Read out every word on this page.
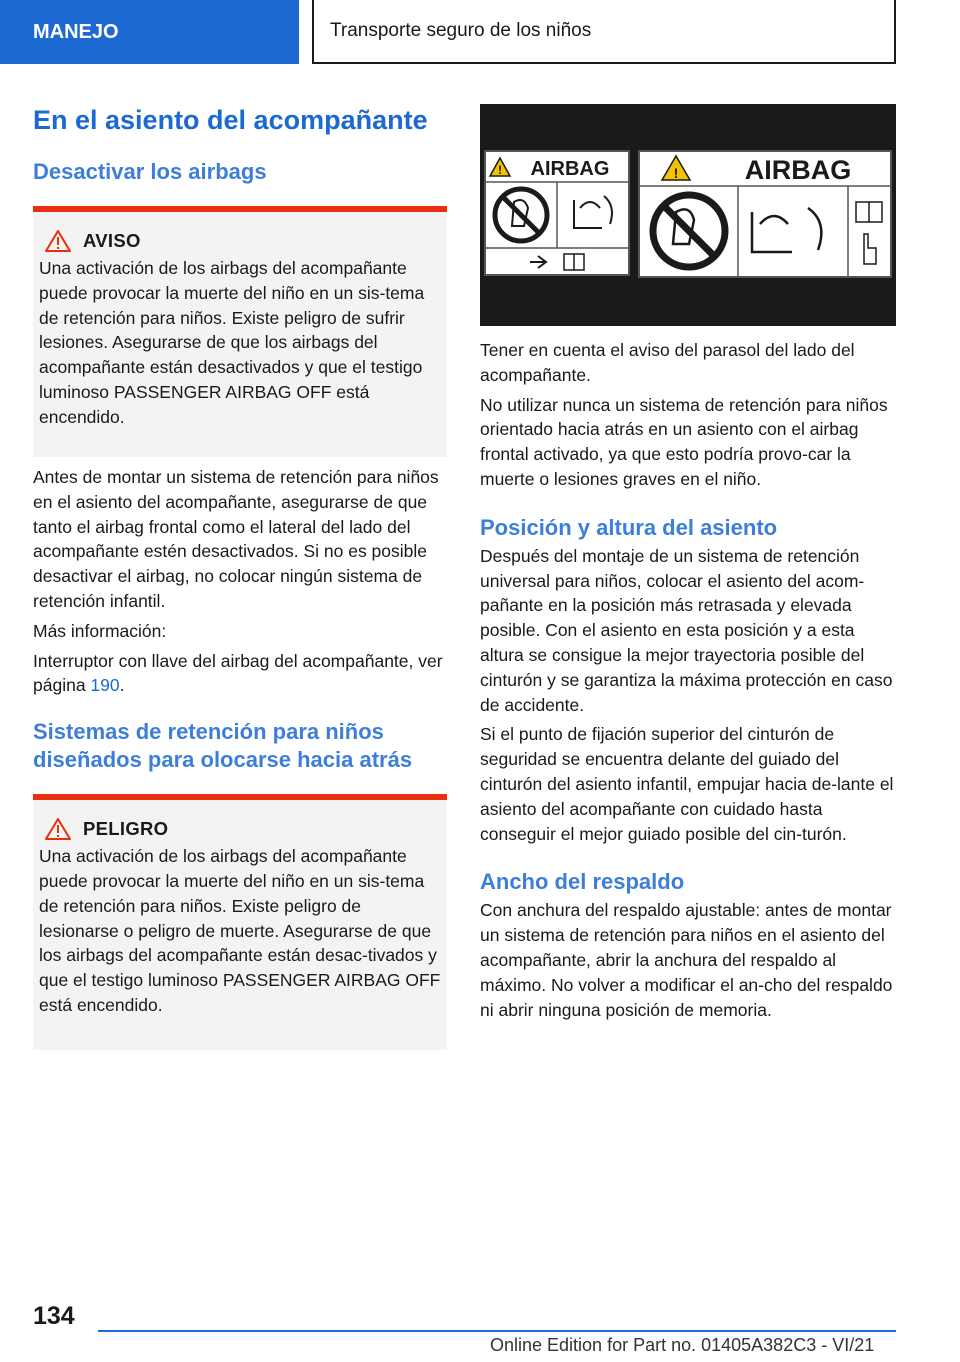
MANEJO	Transporte seguro de los niños
En el asiento del acompañante
Desactivar los airbags
AVISO
Una activación de los airbags del acompañante puede provocar la muerte del niño en un sis-tema de retención para niños. Existe peligro de sufrir lesiones. Asegurarse de que los airbags del acompañante están desactivados y que el testigo luminoso PASSENGER AIRBAG OFF está encendido.

Antes de montar un sistema de retención para niños en el asiento del acompañante, asegurarse de que tanto el airbag frontal como el lateral del lado del acompañante estén desactivados. Si no es posible desactivar el airbag, no colocar ningún sistema de retención infantil.

Más información:

Interruptor con llave del airbag del acompañante, ver página 190.

Sistemas de retención para niños
diseñados para olocarse hacia atrás
PELIGRO
Una activación de los airbags del acompañante puede provocar la muerte del niño en un sis-tema de retención para niños. Existe peligro de lesionarse o peligro de muerte. Asegurarse de que los airbags del acompañante están desac-tivados y que el testigo luminoso PASSENGER AIRBAG OFF está encendido.
! AIRBAG	! AIRBAG

Tener en cuenta el aviso del parasol del lado del acompañante.

No utilizar nunca un sistema de retención para niños orientado hacia atrás en un asiento con el airbag frontal activado, ya que esto podría provo-car la muerte o lesiones graves en el niño.

Posición y altura del asiento

Después del montaje de un sistema de retención universal para niños, colocar el asiento del acom-pañante en la posición más retrasada y elevada posible. Con el asiento en esta posición y a esta altura se consigue la mejor trayectoria posible del cinturón y se garantiza la máxima protección en caso de accidente.

Si el punto de fijación superior del cinturón de seguridad se encuentra delante del guiado del cinturón del asiento infantil, empujar hacia de-lante el asiento del acompañante con cuidado hasta conseguir el mejor guiado posible del cin-turón.

Ancho del respaldo

Con anchura del respaldo ajustable: antes de montar un sistema de retención para niños en el asiento del acompañante, abrir la anchura del respaldo al máximo. No volver a modificar el an-cho del respaldo ni abrir ninguna posición de memoria.

134
Online Edition for Part no. 01405A382C3 - VI/21
